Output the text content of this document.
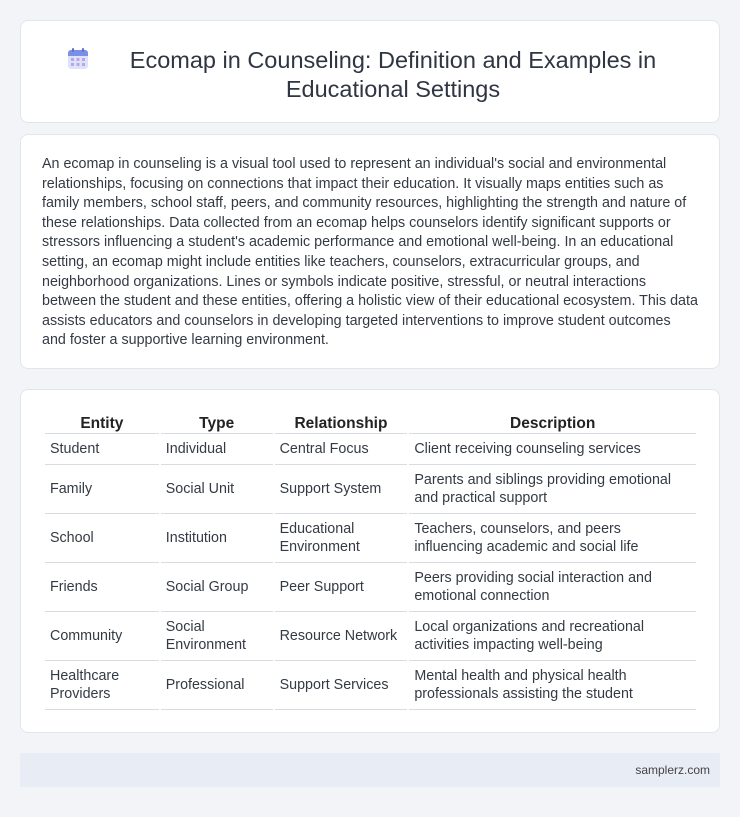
Ecomap in Counseling: Definition and Examples in Educational Settings

An ecomap in counseling is a visual tool used to represent an individual's social and environmental relationships, focusing on connections that impact their education. It visually maps entities such as family members, school staff, peers, and community resources, highlighting the strength and nature of these relationships. Data collected from an ecomap helps counselors identify significant supports or stressors influencing a student's academic performance and emotional well-being. In an educational setting, an ecomap might include entities like teachers, counselors, extracurricular groups, and neighborhood organizations. Lines or symbols indicate positive, stressful, or neutral interactions between the student and these entities, offering a holistic view of their educational ecosystem. This data assists educators and counselors in developing targeted interventions to improve student outcomes and foster a supportive learning environment.

Entity	Type	Relationship	Description
Student	Individual	Central Focus	Client receiving counseling services
Family	Social Unit	Support System	Parents and siblings providing emotional and practical support
School	Institution	Educational Environment	Teachers, counselors, and peers influencing academic and social life
Friends	Social Group	Peer Support	Peers providing social interaction and emotional connection
Community	Social Environment	Resource Network	Local organizations and recreational activities impacting well-being
Healthcare Providers	Professional	Support Services	Mental health and physical health professionals assisting the student
samplerz.com
